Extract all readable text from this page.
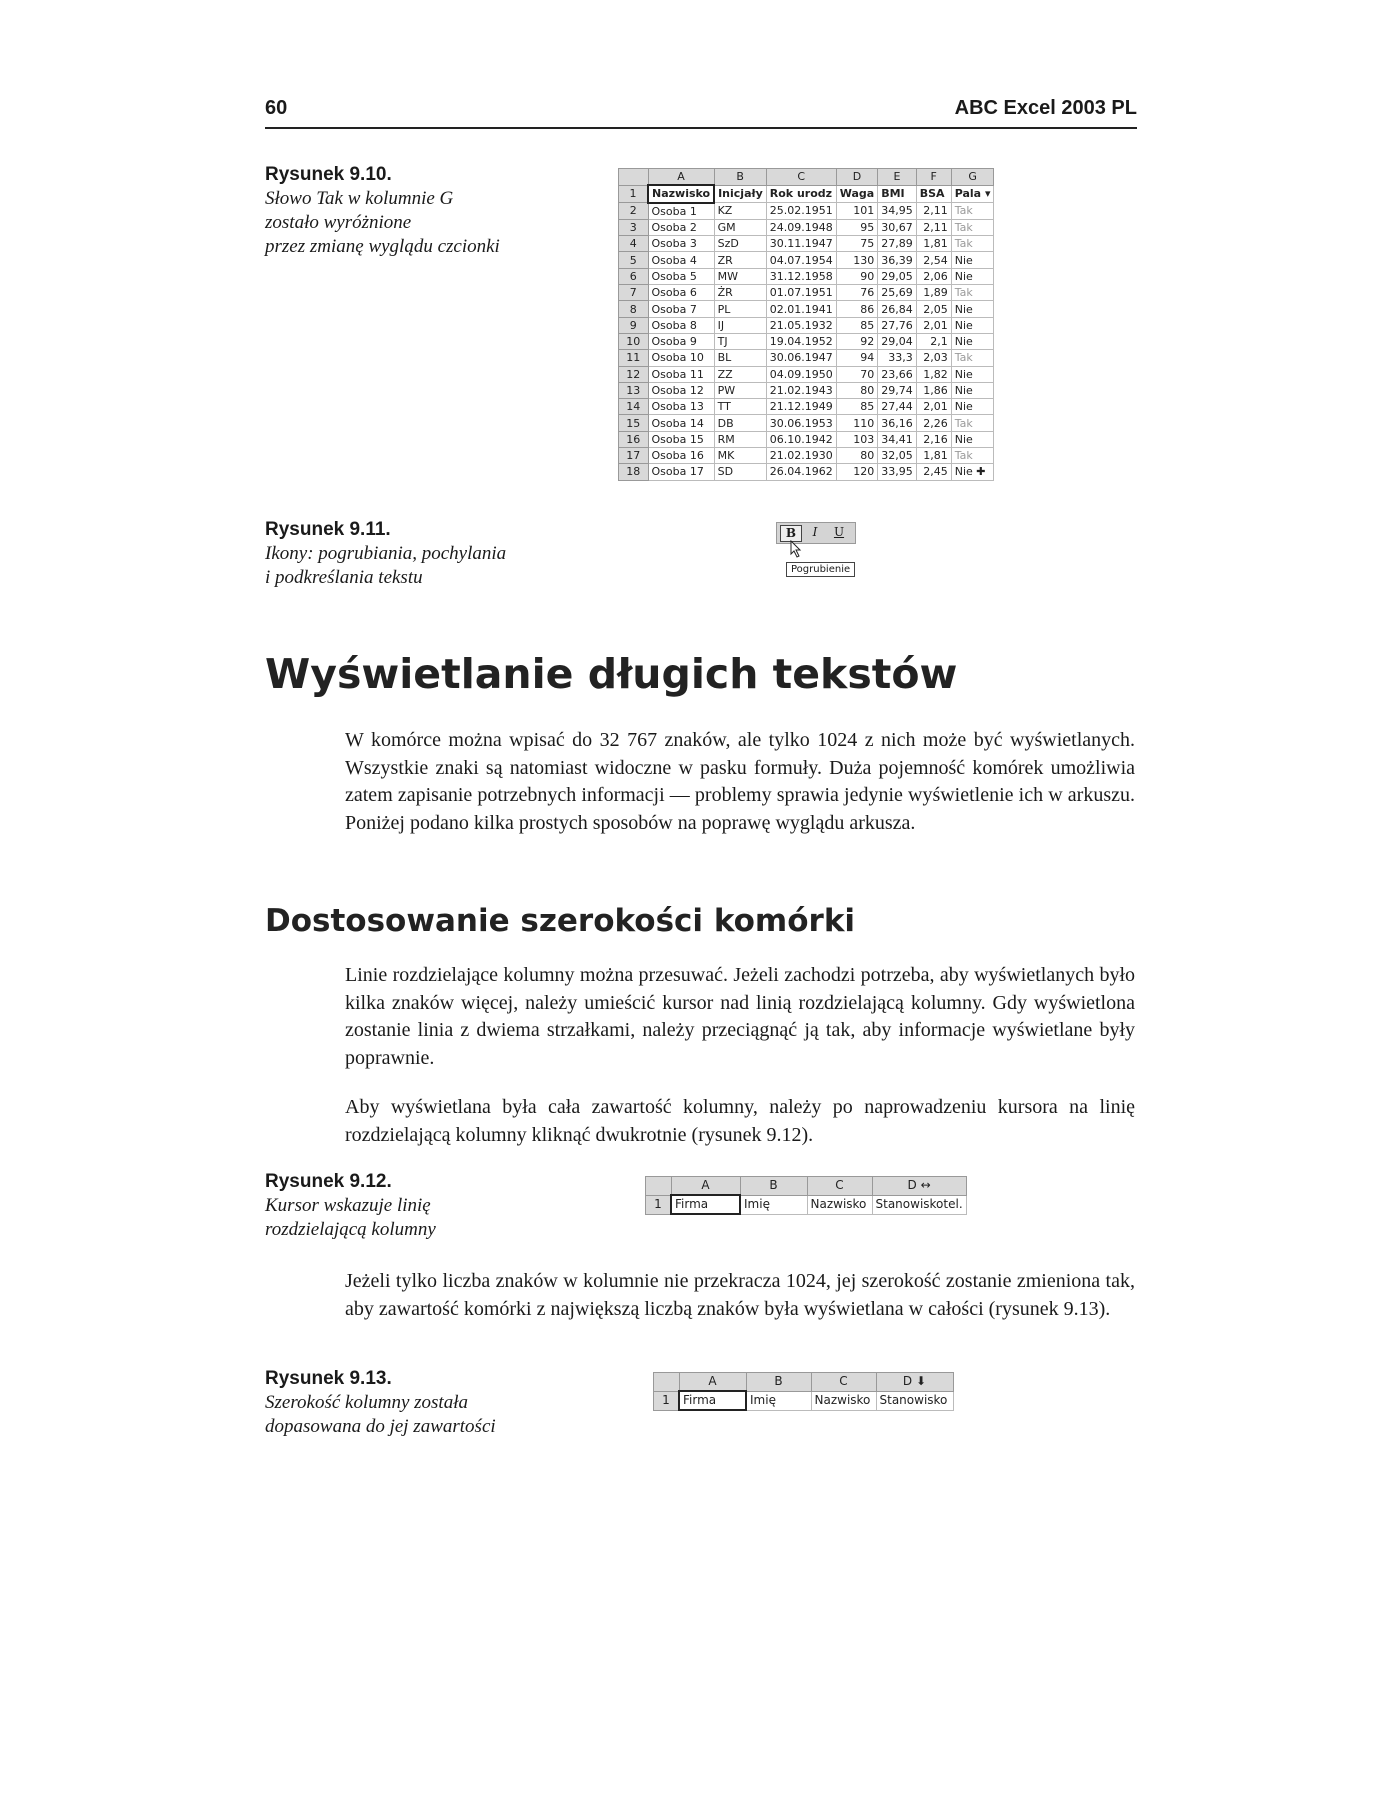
60	ABC Excel 2003 PL
Rysunek 9.10.
Słowo Tak w kolumnie G
zostało wyróżnione
przez zmianę wyglądu czcionki
	A	B	C	D	E	F	G
1	Nazwisko	Inicjały	Rok urodz	Waga	BMI	BSA	Pala ▾
2	Osoba 1	KZ	25.02.1951	101	34,95	2,11	Tak
3	Osoba 2	GM	24.09.1948	95	30,67	2,11	Tak
4	Osoba 3	SzD	30.11.1947	75	27,89	1,81	Tak
5	Osoba 4	ZR	04.07.1954	130	36,39	2,54	Nie
6	Osoba 5	MW	31.12.1958	90	29,05	2,06	Nie
7	Osoba 6	ŻR	01.07.1951	76	25,69	1,89	Tak
8	Osoba 7	PL	02.01.1941	86	26,84	2,05	Nie
9	Osoba 8	IJ	21.05.1932	85	27,76	2,01	Nie
10	Osoba 9	TJ	19.04.1952	92	29,04	2,1	Nie
11	Osoba 10	BL	30.06.1947	94	33,3	2,03	Tak
12	Osoba 11	ZZ	04.09.1950	70	23,66	1,82	Nie
13	Osoba 12	PW	21.02.1943	80	29,74	1,86	Nie
14	Osoba 13	TT	21.12.1949	85	27,44	2,01	Nie
15	Osoba 14	DB	30.06.1953	110	36,16	2,26	Tak
16	Osoba 15	RM	06.10.1942	103	34,41	2,16	Nie
17	Osoba 16	MK	21.02.1930	80	32,05	1,81	Tak
18	Osoba 17	SD	26.04.1962	120	33,95	2,45	Nie ✚
Rysunek 9.11.
Ikony: pogrubiania, pochylania
i podkreślania tekstu
B	I	U
Pogrubienie
Wyświetlanie długich tekstów

W komórce można wpisać do 32 767 znaków, ale tylko 1024 z nich może być wyświetlanych. Wszystkie znaki są natomiast widoczne w pasku formuły. Duża pojemność komórek umożliwia zatem zapisanie potrzebnych informacji — problemy sprawia jedynie wyświetlenie ich w arkuszu. Poniżej podano kilka prostych sposobów na poprawę wyglądu arkusza.

Dostosowanie szerokości komórki

Linie rozdzielające kolumny można przesuwać. Jeżeli zachodzi potrzeba, aby wyświetlanych było kilka znaków więcej, należy umieścić kursor nad linią rozdzielającą kolumny. Gdy wyświetlona zostanie linia z dwiema strzałkami, należy przeciągnąć ją tak, aby informacje wyświetlane były poprawnie.

Aby wyświetlana była cała zawartość kolumny, należy po naprowadzeniu kursora na linię rozdzielającą kolumny kliknąć dwukrotnie (rysunek 9.12).

Rysunek 9.12.
Kursor wskazuje linię
rozdzielającą kolumny
	A	B	C	D ↔
1	Firma	Imię	Nazwisko	Stanowiskotel.

Jeżeli tylko liczba znaków w kolumnie nie przekracza 1024, jej szerokość zostanie zmieniona tak, aby zawartość komórki z największą liczbą znaków była wyświetlana w całości (rysunek 9.13).

Rysunek 9.13.
Szerokość kolumny została
dopasowana do jej zawartości
	A	B	C	D ⬇
1	Firma	Imię	Nazwisko	Stanowisko
